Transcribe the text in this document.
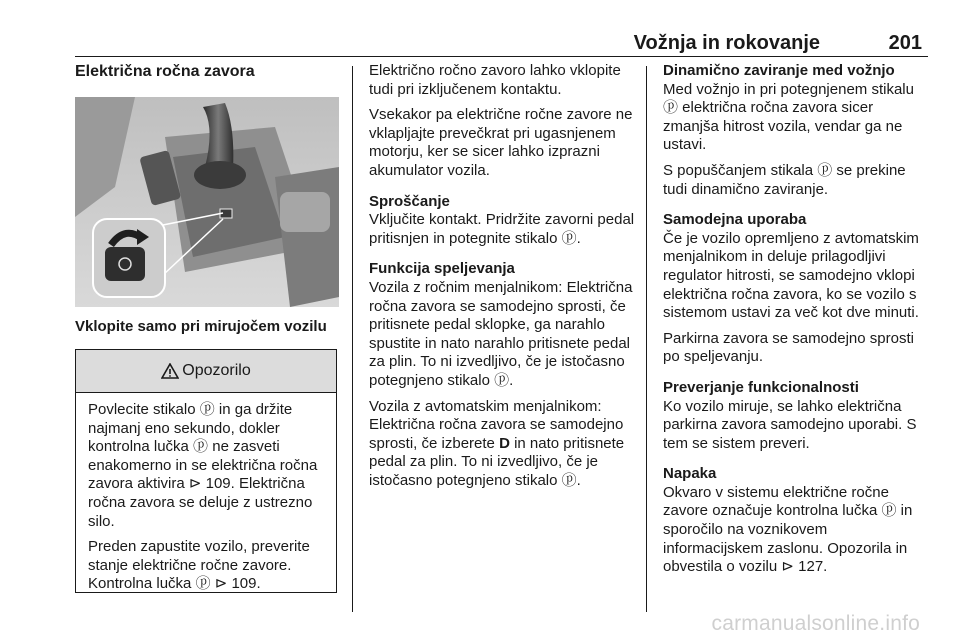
Vožnja in rokovanje	201
Električna ročna zavora

Vklopite samo pri mirujočem vozilu

Opozorilo

Povlecite stikalo ⓟ in ga držite najmanj eno sekundo, dokler kontrolna lučka ⓟ ne zasveti enakomerno in se električna ročna zavora aktivira ⊳ 109. Električna ročna zavora se deluje z ustrezno silo.

Preden zapustite vozilo, preverite stanje električne ročne zavore. Kontrolna lučka ⓟ ⊳ 109.

Električno ročno zavoro lahko vklopite tudi pri izključenem kontaktu.

Vsekakor pa električne ročne zavore ne vklapljajte prevečkrat pri ugasnjenem motorju, ker se sicer lahko izprazni akumulator vozila.

Sproščanje

Vključite kontakt. Pridržite zavorni pedal pritisnjen in potegnite stikalo ⓟ.

Funkcija speljevanja

Vozila z ročnim menjalnikom: Električna ročna zavora se samodejno sprosti, če pritisnete pedal sklopke, ga narahlo spustite in nato narahlo pritisnete pedal za plin. To ni izvedljivo, če je istočasno potegnjeno stikalo ⓟ.

Vozila z avtomatskim menjalnikom: Električna ročna zavora se samodejno sprosti, če izberete D in nato pritisnete pedal za plin. To ni izvedljivo, če je istočasno potegnjeno stikalo ⓟ.

Dinamično zaviranje med vožnjo

Med vožnjo in pri potegnjenem stikalu ⓟ električna ročna zavora sicer zmanjša hitrost vozila, vendar ga ne ustavi.

S popuščanjem stikala ⓟ se prekine tudi dinamično zaviranje.

Samodejna uporaba

Če je vozilo opremljeno z avtomatskim menjalnikom in deluje prilagodljivi regulator hitrosti, se samodejno vklopi električna ročna zavora, ko se vozilo s sistemom ustavi za več kot dve minuti.

Parkirna zavora se samodejno sprosti po speljevanju.

Preverjanje funkcionalnosti

Ko vozilo miruje, se lahko električna parkirna zavora samodejno uporabi. S tem se sistem preveri.

Napaka

Okvaro v sistemu električne ročne zavore označuje kontrolna lučka ⓟ in sporočilo na voznikovem informacijskem zaslonu. Opozorila in obvestila o vozilu ⊳ 127.

carmanualsonline.info
